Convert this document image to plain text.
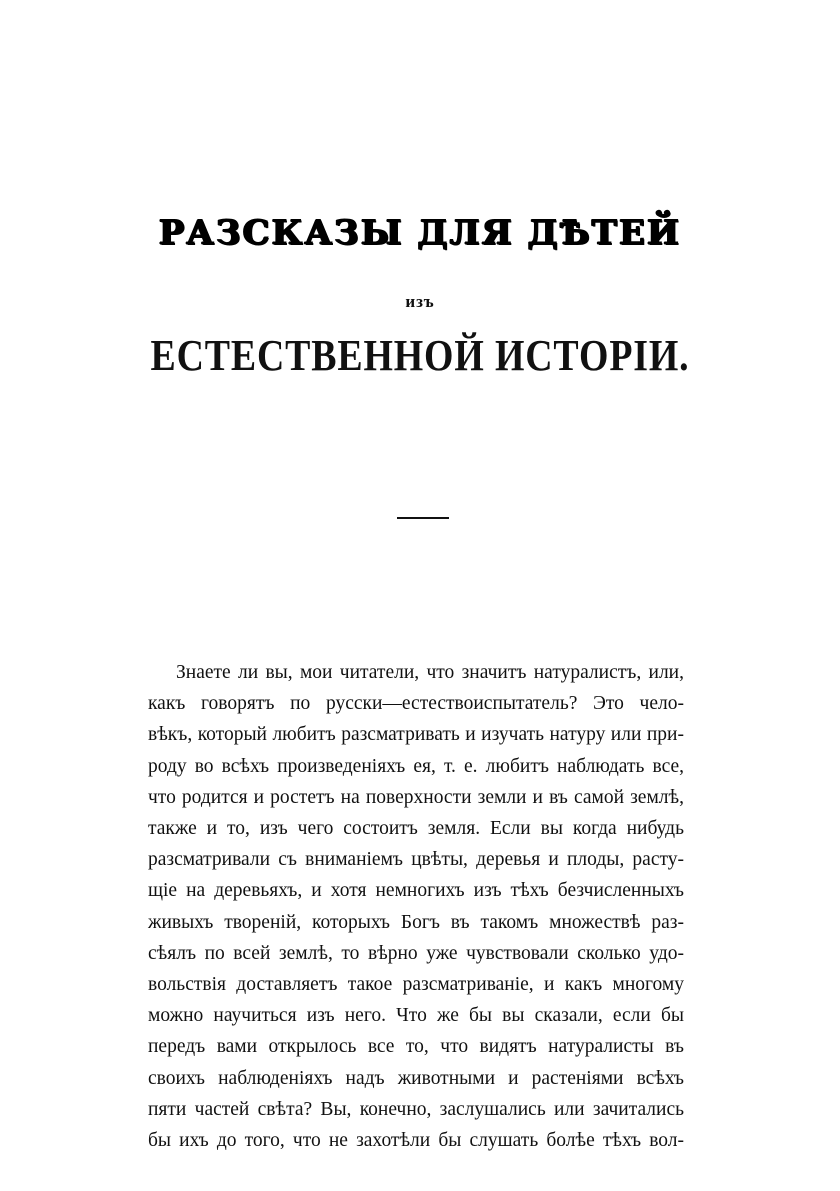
РАЗСКАЗЫ ДЛЯ ДѢТЕЙ
изъ
ЕСТЕСТВЕННОЙ ИСТОРІИ.
Знаете ли вы, мои читатели, что значитъ натуралистъ, или,
какъ говорятъ по русски—естествоиспытатель? Это чело-
вѣкъ, который любитъ разсматривать и изучать натуру или при-
роду во всѣхъ произведеніяхъ ея, т. е. любитъ наблюдать все,
что родится и ростетъ на поверхности земли и въ самой землѣ,
также и то, изъ чего состоитъ земля. Если вы когда нибудь
разсматривали съ вниманіемъ цвѣты, деревья и плоды, расту-
щіе на деревьяхъ, и хотя немногихъ изъ тѣхъ безчисленныхъ
живыхъ твореній, которыхъ Богъ въ такомъ множествѣ раз-
сѣялъ по всей землѣ, то вѣрно уже чувствовали сколько удо-
вольствія доставляетъ такое разсматриваніе, и какъ многому
можно научиться изъ него. Что же бы вы сказали, если бы
передъ вами открылось все то, что видятъ натуралисты въ
своихъ наблюденіяхъ надъ животными и растеніями всѣхъ
пяти частей свѣта? Вы, конечно, заслушались или зачитались
бы ихъ до того, что не захотѣли бы слушать болѣе тѣхъ вол-
